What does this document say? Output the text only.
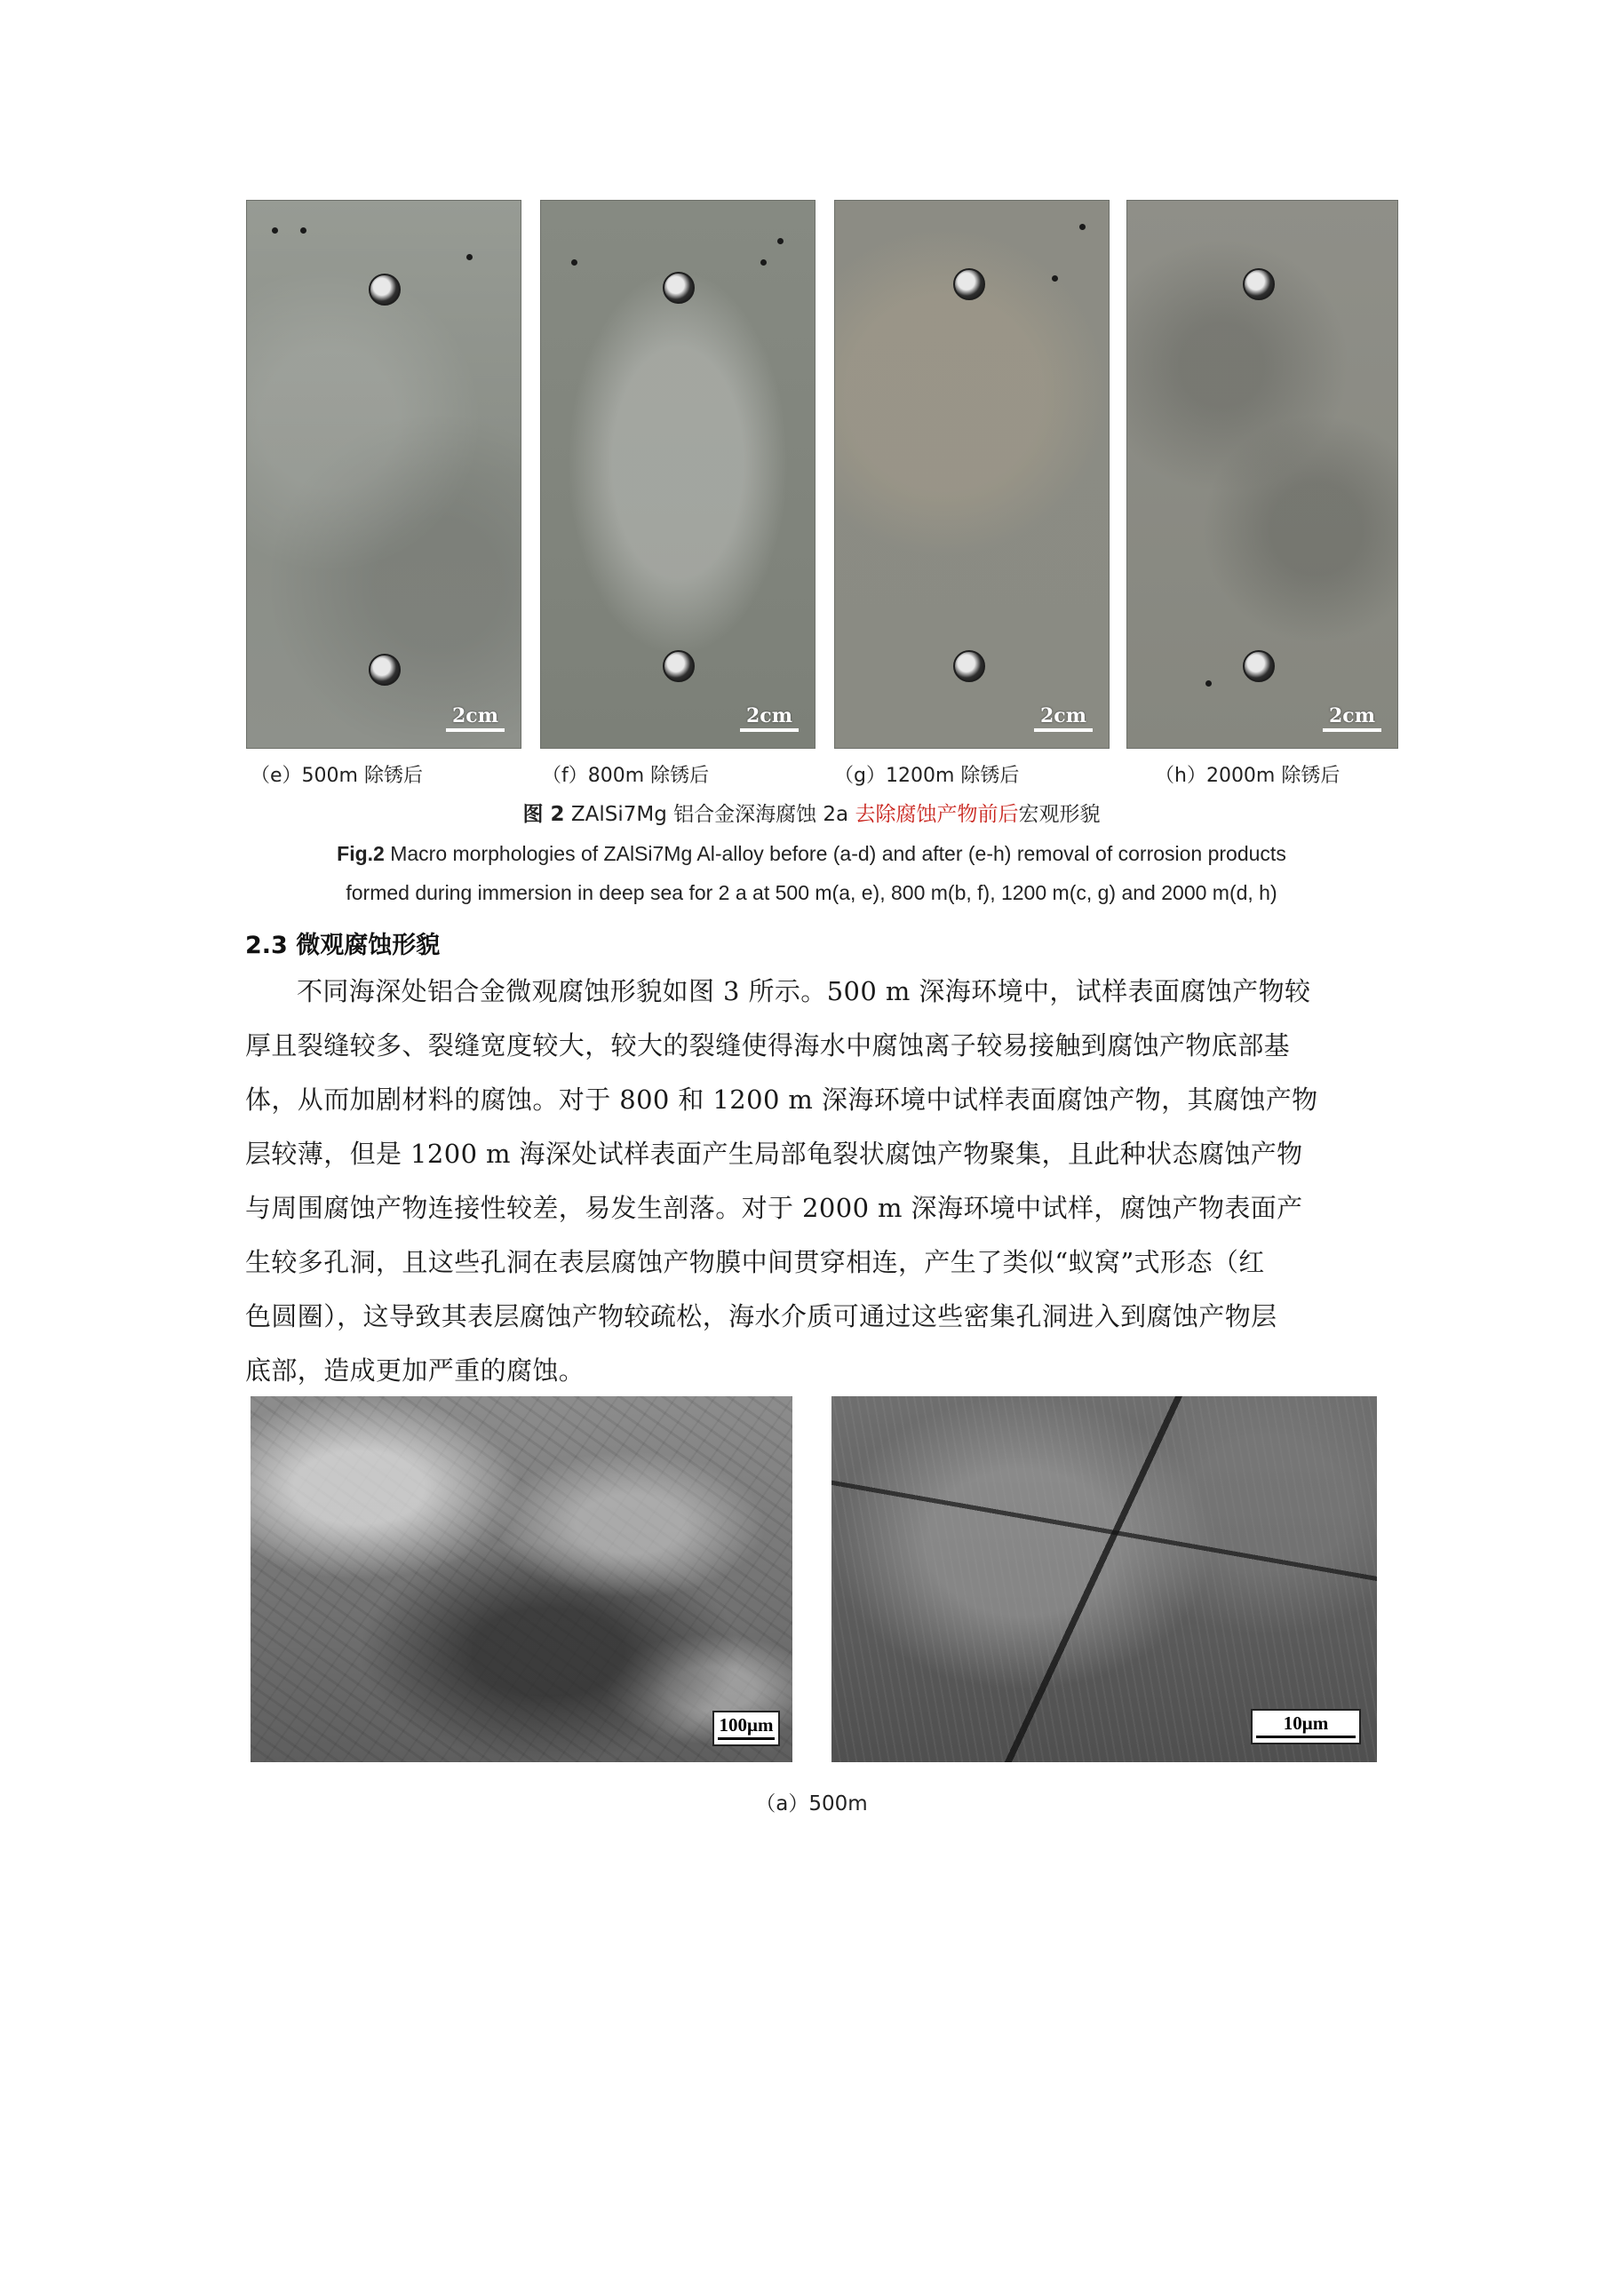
2cm	2cm	2cm	2cm
（e）500m 除锈后	（f）800m 除锈后	（g）1200m 除锈后	（h）2000m 除锈后
图 2 ZAlSi7Mg 铝合金深海腐蚀 2a 去除腐蚀产物前后宏观形貌
Fig.2 Macro morphologies of ZAlSi7Mg Al-alloy before (a-d) and after (e-h) removal of corrosion products
formed during immersion in deep sea for 2 a at 500 m(a, e), 800 m(b, f), 1200 m(c, g) and 2000 m(d, h)
2.3 微观腐蚀形貌
不同海深处铝合金微观腐蚀形貌如图 3 所示。500 m 深海环境中，试样表面腐蚀产物较
厚且裂缝较多、裂缝宽度较大，较大的裂缝使得海水中腐蚀离子较易接触到腐蚀产物底部基
体，从而加剧材料的腐蚀。对于 800 和 1200 m 深海环境中试样表面腐蚀产物，其腐蚀产物
层较薄，但是 1200 m 海深处试样表面产生局部龟裂状腐蚀产物聚集，且此种状态腐蚀产物
与周围腐蚀产物连接性较差，易发生剖落。对于 2000 m 深海环境中试样，腐蚀产物表面产
生较多孔洞，且这些孔洞在表层腐蚀产物膜中间贯穿相连，产生了类似“蚁窝”式形态（红
色圆圈），这导致其表层腐蚀产物较疏松，海水介质可通过这些密集孔洞进入到腐蚀产物层
底部，造成更加严重的腐蚀。
100μm	10μm
（a）500m
